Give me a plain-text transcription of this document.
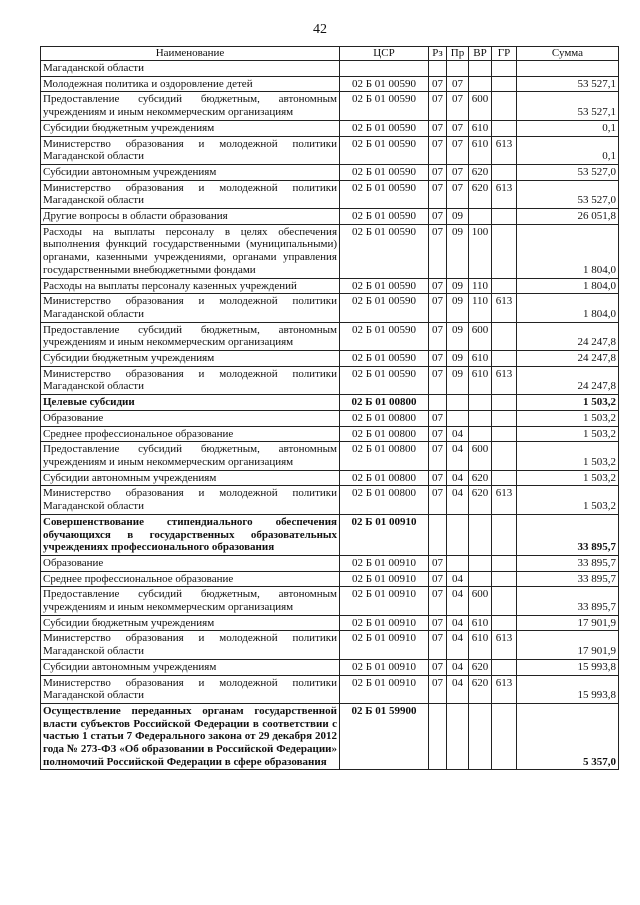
42
Наименование	ЦСР	Рз	Пр	ВР	ГР	Сумма
Магаданской области						
Молодежная политика и оздоровление детей	02 Б 01 00590	07	07			53 527,1
Предоставление субсидий бюджетным, автономным учреждениям и иным некоммерческим организациям	02 Б 01 00590	07	07	600		53 527,1
Субсидии бюджетным учреждениям	02 Б 01 00590	07	07	610		0,1
Министерство образования и молодежной политики Магаданской области	02 Б 01 00590	07	07	610	613	0,1
Субсидии автономным учреждениям	02 Б 01 00590	07	07	620		53 527,0
Министерство образования и молодежной политики Магаданской области	02 Б 01 00590	07	07	620	613	53 527,0
Другие вопросы в области образования	02 Б 01 00590	07	09			26 051,8
Расходы на выплаты персоналу в целях обеспечения выполнения функций государственными (муниципальными) органами, казенными учреждениями, органами управления государственными внебюджетными фондами	02 Б 01 00590	07	09	100		1 804,0
Расходы на выплаты персоналу казенных учреждений	02 Б 01 00590	07	09	110		1 804,0
Министерство образования и молодежной политики Магаданской области	02 Б 01 00590	07	09	110	613	1 804,0
Предоставление субсидий бюджетным, автономным учреждениям и иным некоммерческим организациям	02 Б 01 00590	07	09	600		24 247,8
Субсидии бюджетным учреждениям	02 Б 01 00590	07	09	610		24 247,8
Министерство образования и молодежной политики Магаданской области	02 Б 01 00590	07	09	610	613	24 247,8
Целевые субсидии	02 Б 01 00800					1 503,2
Образование	02 Б 01 00800	07				1 503,2
Среднее профессиональное образование	02 Б 01 00800	07	04			1 503,2
Предоставление субсидий бюджетным, автономным учреждениям и иным некоммерческим организациям	02 Б 01 00800	07	04	600		1 503,2
Субсидии автономным учреждениям	02 Б 01 00800	07	04	620		1 503,2
Министерство образования и молодежной политики Магаданской области	02 Б 01 00800	07	04	620	613	1 503,2
Совершенствование стипендиального обеспечения обучающихся в государственных образовательных учреждениях профессионального образования	02 Б 01 00910					33 895,7
Образование	02 Б 01 00910	07				33 895,7
Среднее профессиональное образование	02 Б 01 00910	07	04			33 895,7
Предоставление субсидий бюджетным, автономным учреждениям и иным некоммерческим организациям	02 Б 01 00910	07	04	600		33 895,7
Субсидии бюджетным учреждениям	02 Б 01 00910	07	04	610		17 901,9
Министерство образования и молодежной политики Магаданской области	02 Б 01 00910	07	04	610	613	17 901,9
Субсидии автономным учреждениям	02 Б 01 00910	07	04	620		15 993,8
Министерство образования и молодежной политики Магаданской области	02 Б 01 00910	07	04	620	613	15 993,8
Осуществление переданных органам государственной власти субъектов Российской Федерации в соответствии с частью 1 статьи 7 Федерального закона от 29 декабря 2012 года № 273-ФЗ «Об образовании в Российской Федерации» полномочий Российской Федерации в сфере образования	02 Б 01 59900					5 357,0
